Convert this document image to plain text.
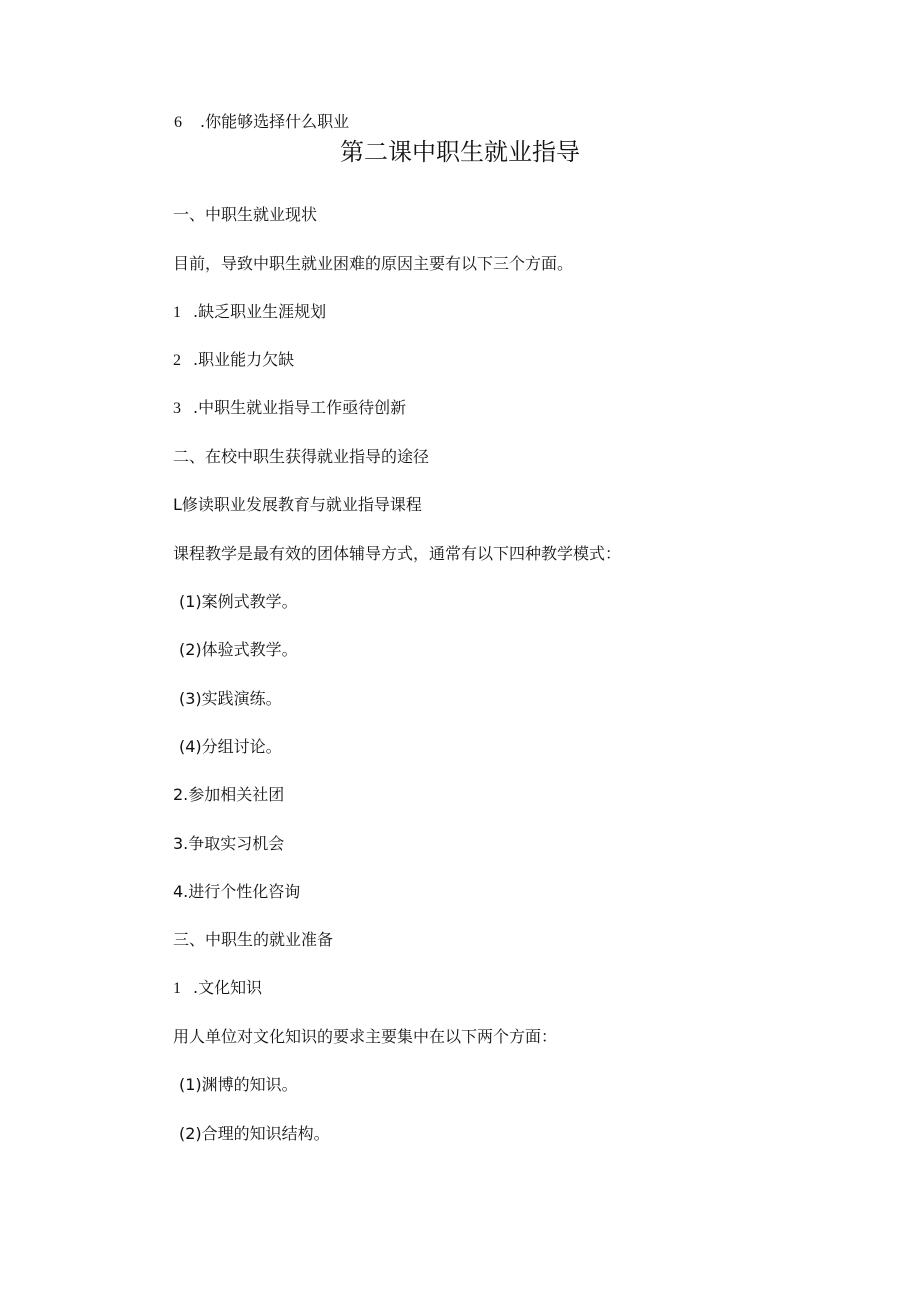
6 .你能够选择什么职业
第二课中职生就业指导
一、中职生就业现状
目前，导致中职生就业困难的原因主要有以下三个方面。
1 .缺乏职业生涯规划
2 .职业能力欠缺
3 .中职生就业指导工作亟待创新
二、在校中职生获得就业指导的途径
L修读职业发展教育与就业指导课程
课程教学是最有效的团体辅导方式，通常有以下四种教学模式：
(1)案例式教学。
(2)体验式教学。
(3)实践演练。
(4)分组讨论。
2.参加相关社团
3.争取实习机会
4.进行个性化咨询
三、中职生的就业准备
1 .文化知识
用人单位对文化知识的要求主要集中在以下两个方面：
(1)渊博的知识。
(2)合理的知识结构。
